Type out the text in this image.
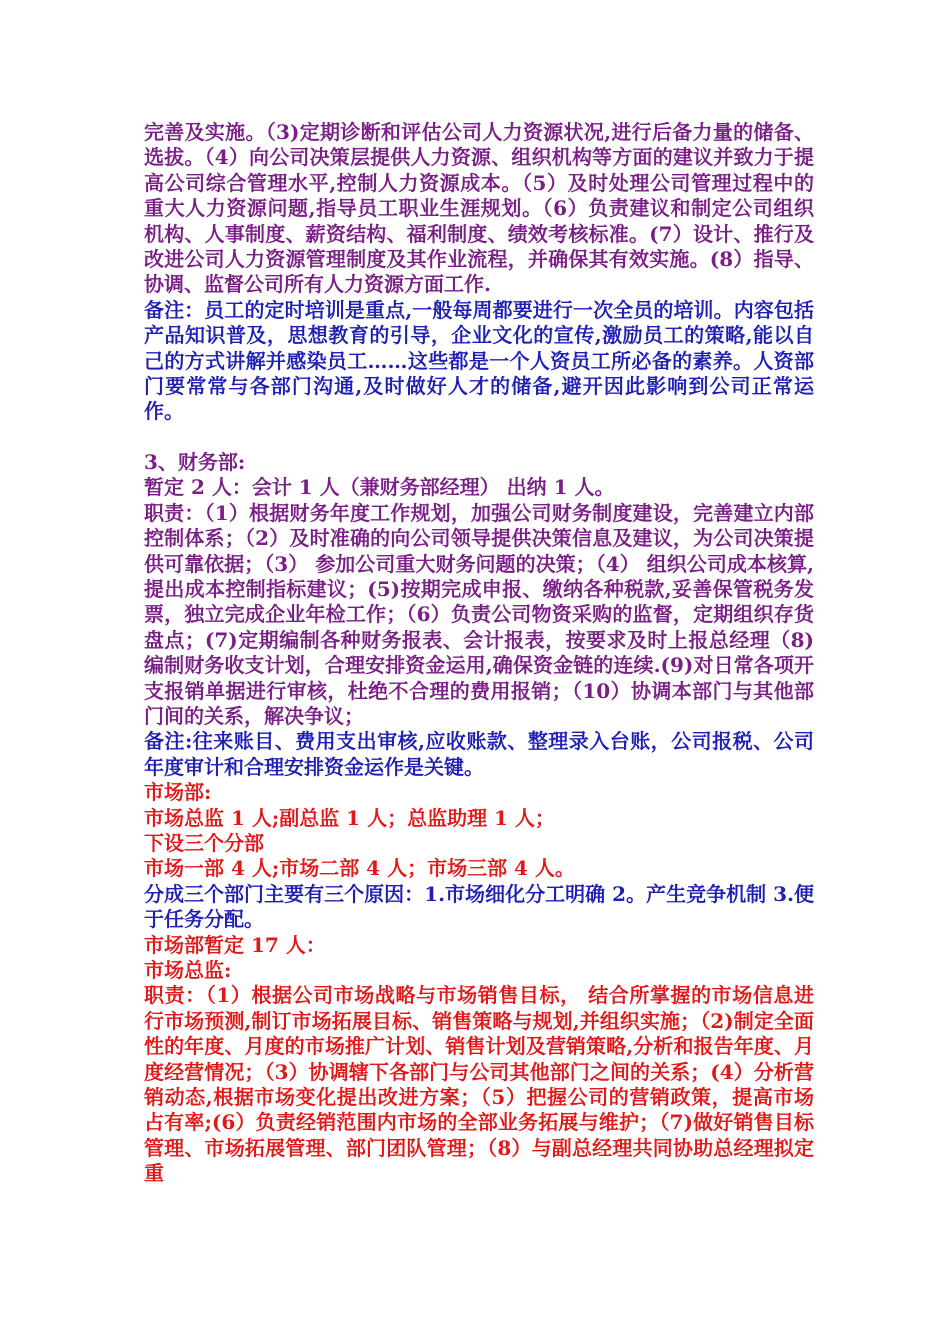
完善及实施。（3)定期诊断和评估公司人力资源状况,进行后备力量的储备、选拔。（4）向公司决策层提供人力资源、组织机构等方面的建议并致力于提高公司综合管理水平,控制人力资源成本。（5）及时处理公司管理过程中的重大人力资源问题,指导员工职业生涯规划。（6）负责建议和制定公司组织机构、人事制度、薪资结构、福利制度、绩效考核标准。(7）设计、推行及改进公司人力资源管理制度及其作业流程，并确保其有效实施。(8）指导、协调、监督公司所有人力资源方面工作.

备注：员工的定时培训是重点,一般每周都要进行一次全员的培训。内容包括产品知识普及，思想教育的引导，企业文化的宣传,激励员工的策略,能以自己的方式讲解并感染员工……这些都是一个人资员工所必备的素养。人资部门要常常与各部门沟通,及时做好人才的储备,避开因此影响到公司正常运作。

3、财务部:

暂定 2 人：会计 1 人（兼财务部经理） 出纳 1 人。

职责：（1）根据财务年度工作规划，加强公司财务制度建设，完善建立内部控制体系；（2）及时准确的向公司领导提供决策信息及建议，为公司决策提供可靠依据；（3） 参加公司重大财务问题的决策；（4） 组织公司成本核算,提出成本控制指标建议；(5)按期完成申报、缴纳各种税款,妥善保管税务发票，独立完成企业年检工作；（6）负责公司物资采购的监督，定期组织存货盘点；(7)定期编制各种财务报表、会计报表，按要求及时上报总经理（8)编制财务收支计划，合理安排资金运用,确保资金链的连续.(9)对日常各项开支报销单据进行审核，杜绝不合理的费用报销；（10）协调本部门与其他部门间的关系，解决争议；

备注:往来账目、费用支出审核,应收账款、整理录入台账，公司报税、公司年度审计和合理安排资金运作是关键。

市场部:

市场总监 1 人;副总监 1 人；总监助理 1 人；

下设三个分部

市场一部 4 人;市场二部 4 人；市场三部 4 人。

分成三个部门主要有三个原因：1.市场细化分工明确 2。产生竞争机制 3.便于任务分配。

市场部暂定 17 人：

市场总监:

职责：（1）根据公司市场战略与市场销售目标， 结合所掌握的市场信息进行市场预测,制订市场拓展目标、销售策略与规划,并组织实施；（2)制定全面性的年度、月度的市场推广计划、销售计划及营销策略,分析和报告年度、月度经营情况；（3）协调辖下各部门与公司其他部门之间的关系；(4）分析营销动态,根据市场变化提出改进方案；（5）把握公司的营销政策，提高市场占有率;(6）负责经销范围内市场的全部业务拓展与维护；（7)做好销售目标管理、市场拓展管理、部门团队管理；（8）与副总经理共同协助总经理拟定重
